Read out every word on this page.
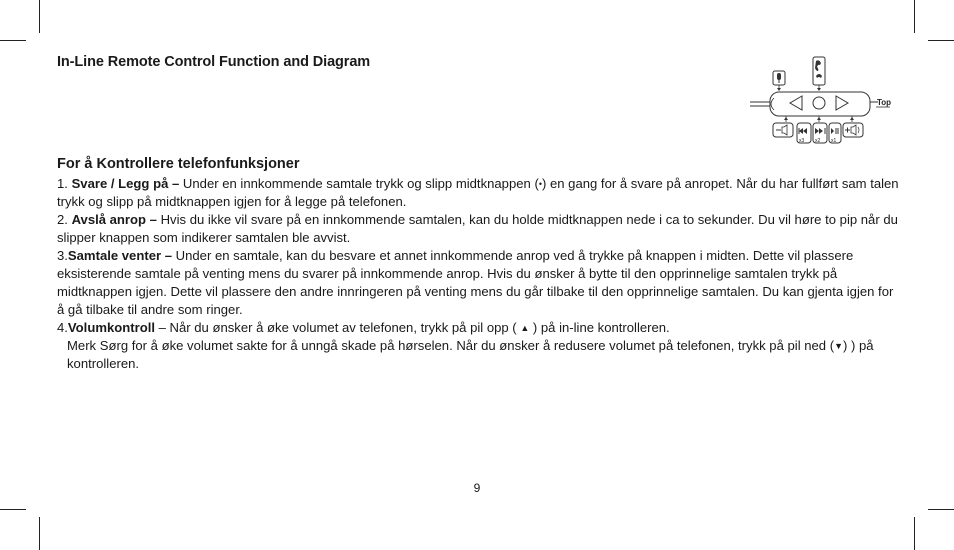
In-Line Remote Control Function and Diagram
Top
x3 x2 x1
For å Kontrollere telefonfunksjoner
1. Svare / Legg på – Under en innkommende samtale trykk og slipp midtknappen (•) en gang for å svare på anropet. Når du har fullført sam talen trykk og slipp på midtknappen igjen for å legge på telefonen.
2. Avslå anrop – Hvis du ikke vil svare på en innkommende samtalen, kan du holde midtknappen nede i ca to sekunder. Du vil høre to pip når du slipper knappen som indikerer samtalen ble avvist.
3.Samtale venter – Under en samtale, kan du besvare et annet innkommende anrop ved å trykke på knappen i midten. Dette vil plassere eksisterende samtale på venting mens du svarer på innkommende anrop. Hvis du ønsker å bytte til den opprinnelige samtalen trykk på midtknappen igjen. Dette vil plassere den andre innringeren på venting mens du går tilbake til den opprinnelige samtalen. Du kan gjenta igjen for å gå tilbake til andre som ringer.
4.Volumkontroll – Når du ønsker å øke volumet av telefonen, trykk på pil opp ( ▲ ) på in-line kontrolleren.
Merk Sørg for å øke volumet sakte for å unngå skade på hørselen. Når du ønsker å redusere volumet på telefonen, trykk på pil ned (▼) ) på kontrolleren.
9
